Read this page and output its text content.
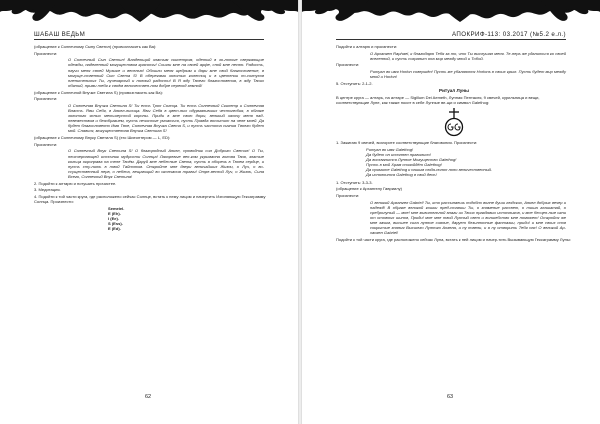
ШАБАШ ВЕДЬМ

(обращение к Солнечному Сыну Светил) (провозгласить как Ba):

Произнести:

О Солнечный Сын Светил! Владеющий златым скипетром, одетый в зо-лотые сверкающие одежды, наделенный могуществом красоты! Сошли мне на своей арфе, спой мне песню. Радость, научи меня своей Музыке и веселью! Обошли меня щедрым и дари мне свой благословение, в могуще-ственный Сын Света S! В оберегами золотых колесниц и в цветении по-солнухов пленительных Ты, лучезарный и полный радости! В Я жду Твоего благословения, в жду Твоих обятий, прими тебя к своём величествен-ном добре переход земной!

(обращение к Солнечной Внучке Светила S) (провозгласить как Ba):

Произнести:

О Солнечная Внучка Светила S! Ты есть Трон Солнца. Ты есть Солнечный Скипетр и Солнечная Власть. Явы Себя, в Анкел-льница. Явы Себя в цвет-ных одурманивших честолюбия, в облаке золотого ясных меньшеустой короны. Приди в мне свою доры, великий захочу меня над-невежеством и безобразием, пусть нечистые умчаться, пусть Правда восхитит на челе моей. Да будет благословенно Имя Твое, Солнечная Внучка Света S, и пусть частота сияния Твоего будет мой. Славься, могущественная Внучка Светила S!

(обращение к Солнечному Внуку Светила S) (его Шиеоптером — L, ED):

Произнести:

О Солнечный Внук Светила S! О благородный Анкел, проводник сил Доброго Светил! О Ты, неисчерпающей источник мудрости Солнца! Лазоревые вен-ком укрыванна голова Твоя, златые кольца окроправа на теле Твоём. Даруй мне небесные Света, пусть я оборечь в Твоем сердце, и пусть сту-пить в твой Тайнотом. Откройте мне двери величайших Жизни, о Луч, о во-ссущественный нерв, о небеса, вещающий во окончания травы! Отре-весной Луч, о Жизнь, Сила Всего, Солнечный Внук Светила!

2. Подойти к алтарю и потушить прочистее.

3. Медитация.

4. Подойти к той части круга, где расположено сейчас Солнце, встать к нему лицом и начертить Изгоняющую Гексаграмму Солнца. Произнести:

Semeiel.
E (Eh).
I (Ee).
S (Ess).
E (Ed).
62
АПОКРИФ-113: 03.2017 (№5.2 е.л.)

Подойти к алтарю и произнести:

О Архангел Raphael, к благодарю Тебя за то, что Ты выслушал меня. Те-перь же удалиться ко своей вселенной, и пусть сохранит она мир между мной и Тобой.

Произнести:

Ритуал во имя Horlon совершён! Пусть же убалаются Horlons в своих крыл. Пусть будет мир между мной и Horlon!

5. Отступить: 2-1-2.

Ритуал Луны

В центре круга — алтарь, на алтаре — Sigillum Dei Aemeth, Лунная Пентакля, 9 свечей, курильница и вещи, соответствующие Луне, как также носит в себе Лунные ве-щи и символ Galethog:

1. Зажигаю 9 свечей, возгорите соответствующие благовония. Произнести:

Ритуал во имя Galethog!
Да будет он исполнен правильно!
Да восхвалится Лунное Могущество Galethog!
Пусть в мой Храм снизойдёт Galethog!
Да примите Galethog к нашим сюда-полон лоно величественный.
Да исполнится Galethog в свой день!

1. Отступить: 3-3-3.

(обращение к Архангелу Гавриилу)

Произнести:

О великий Архангел Gabriel! Ты, кто рассыпаешь подобно волне души людских, Анкел добрых вечер и надежд! В образе великой кошки пред-ставиш Ты, о знамение рассвет, о тиша глашатай, о сребролуный — мне! мне живительной влаги из Твоих праздавых источников, и мне бесцен-ные огни от отовных шипов, Приди! мне мне твой Лунный свет и волшебство мне поможет! Откройся же мне зачим, высшее сила лунное сияние, дарует безилпонные фантазии, приди! и мне своих снов сокрытые знания Высшего Лунного Ангела, и ну повели, и я ну отворить Тебя нас! О великий Ар-хангел Gabriel!

Подойти к той части круга, где расположено сейчас Луна, встать к ней лицом и начер-тить Вызывающую Гексаграмму Луны:

63
